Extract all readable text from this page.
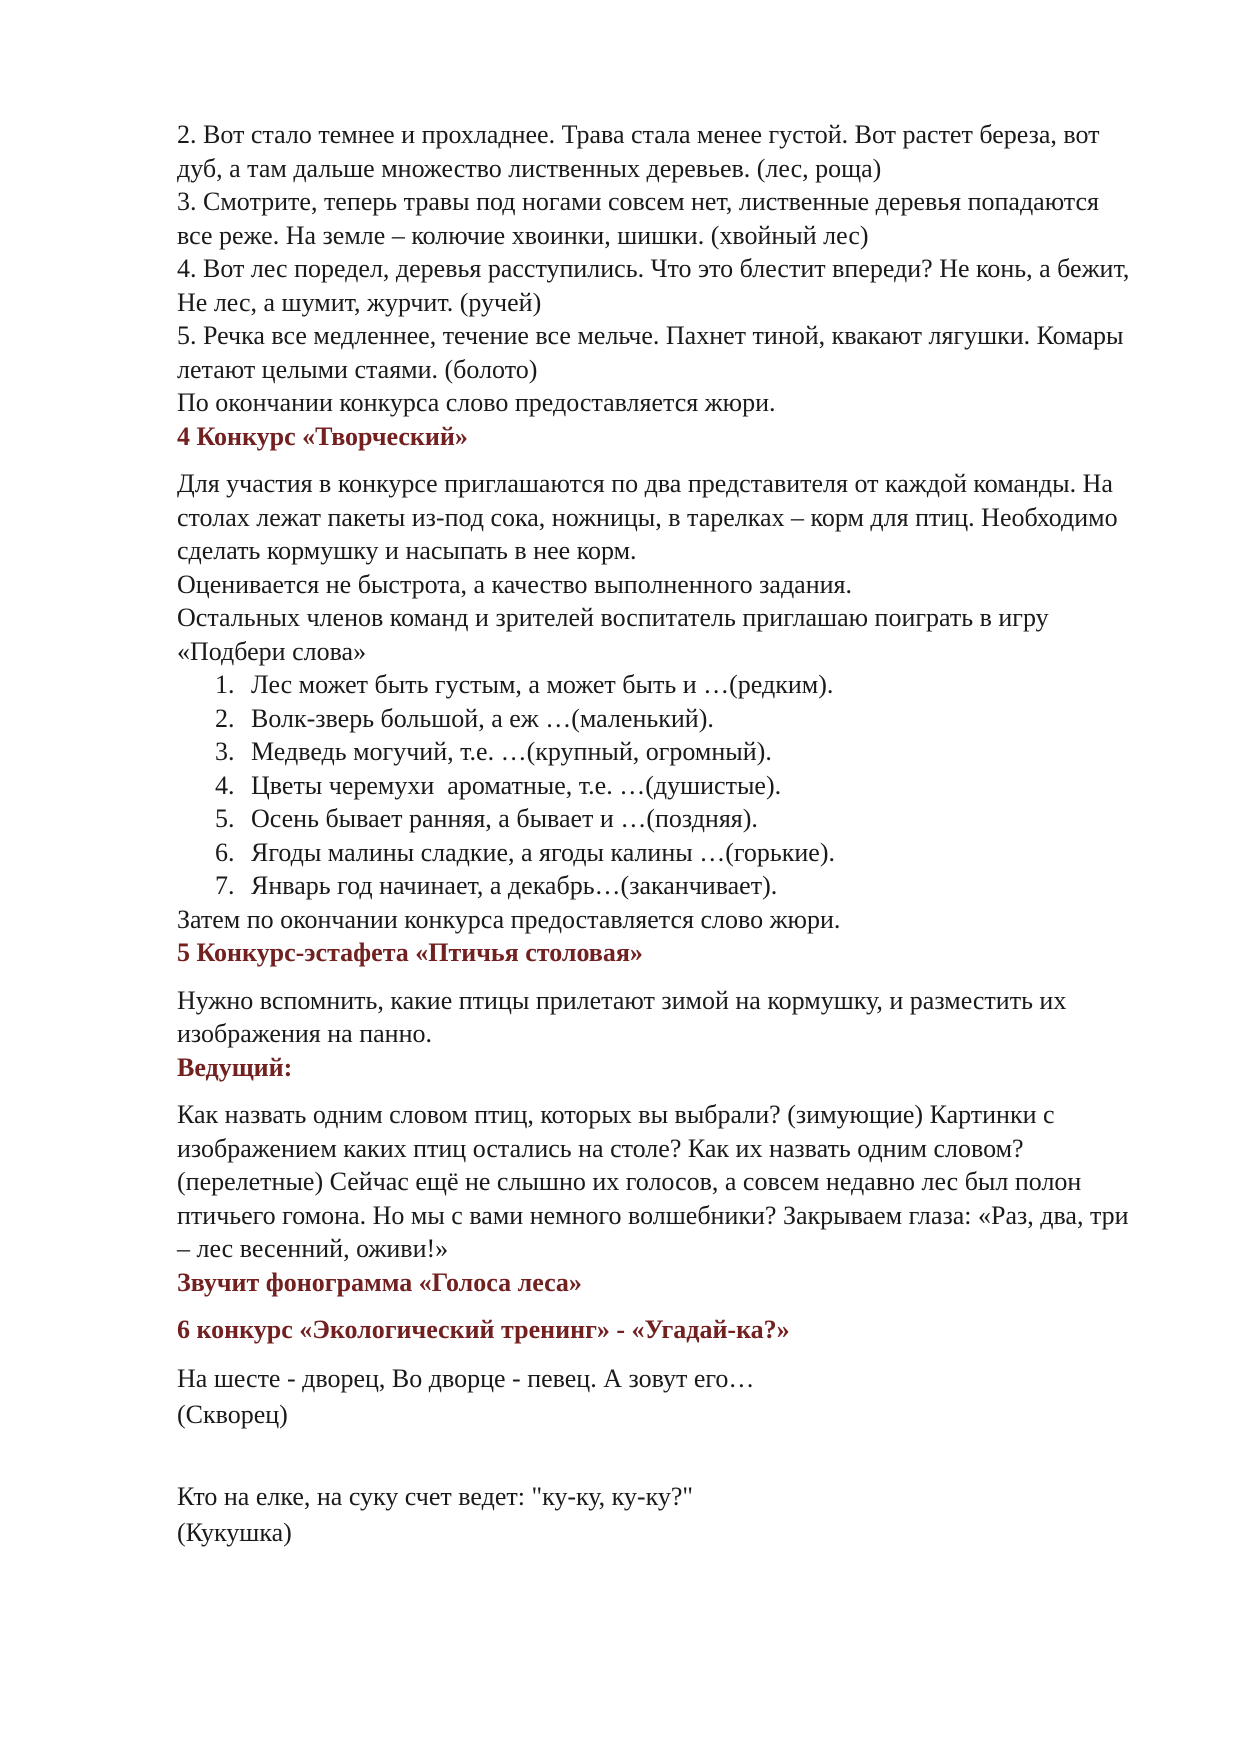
2. Вот стало темнее и прохладнее. Трава стала менее густой. Вот растет береза, вот дуб, а там дальше множество лиственных деревьев. (лес, роща)

3. Смотрите, теперь травы под ногами совсем нет, лиственные деревья попадаются все реже. На земле – колючие хвоинки, шишки. (хвойный лес)

4. Вот лес поредел, деревья расступились. Что это блестит впереди? Не конь, а бежит,

Не лес, а шумит, журчит. (ручей)

5. Речка все медленнее, течение все мельче. Пахнет тиной, квакают лягушки. Комары летают целыми стаями. (болото)

По окончании конкурса слово предоставляется жюри.

4 Конкурс «Творческий»

Для участия в конкурсе приглашаются по два представителя от каждой команды. На столах лежат пакеты из-под сока, ножницы, в тарелках – корм для птиц. Необходимо сделать кормушку и насыпать в нее корм.

Оценивается не быстрота, а качество выполненного задания.

Остальных членов команд и зрителей воспитатель приглашаю поиграть в игру «Подбери слова»

1. Лес может быть густым, а может быть и …(редким).
2. Волк-зверь большой, а еж …(маленький).
3. Медведь могучий, т.е. …(крупный, огромный).
4. Цветы черемухи  ароматные, т.е. …(душистые).
5. Осень бывает ранняя, а бывает и …(поздняя).
6. Ягоды малины сладкие, а ягоды калины …(горькие).
7. Январь год начинает, а декабрь…(заканчивает).

Затем по окончании конкурса предоставляется слово жюри.

5 Конкурс-эстафета «Птичья столовая»

Нужно вспомнить, какие птицы прилетают зимой на кормушку, и разместить их изображения на панно.

Ведущий:

Как назвать одним словом птиц, которых вы выбрали? (зимующие) Картинки с изображением каких птиц остались на столе? Как их назвать одним словом? (перелетные) Сейчас ещё не слышно их голосов, а совсем недавно лес был полон птичьего гомона. Но мы с вами немного волшебники? Закрываем глаза: «Раз, два, три – лес весенний, оживи!»

Звучит фонограмма «Голоса леса»

6 конкурс «Экологический тренинг» - «Угадай-ка?»

На шесте - дворец, Во дворце - певец. А зовут его…

(Скворец)

Кто на елке, на суку счет ведет: "ку-ку, ку-ку?"

(Кукушка)
